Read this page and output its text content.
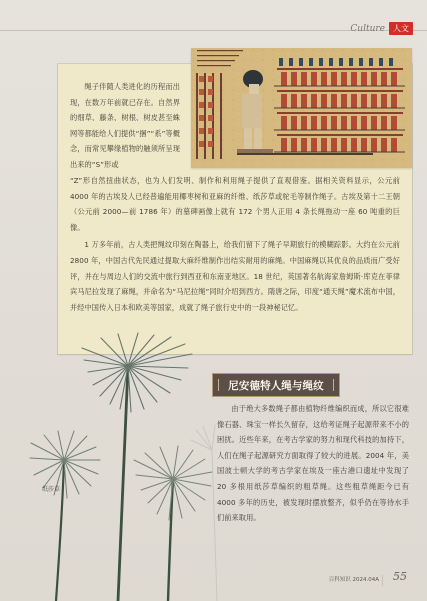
Culture	人文

绳子伴随人类进化的历程而出现，在数万年前就已存在。自然界的细草、藤条、树根、树皮甚至蛛网等都能给人们提供“捆”“系”等概念，而常见攀缘植物的触须所呈现出来的“S”形或

“Z”形自然扭曲状态，也为人们发明、制作和利用绳子提供了直观借鉴。据相关资料显示，公元前 4000 年的古埃及人已经普遍能用椰枣树和亚麻的纤维、纸莎草或驼毛等制作绳子。古埃及第十二王朝（公元前 2000—前 1786 年）的墓碑画像上就有 172 个男人正用 4 条长绳拖动一座 60 吨重的巨像。

1 万多年前，古人类把绳纹印刻在陶器上，给我们留下了绳子早期旅行的模糊踪影。大约在公元前 2800 年，中国古代先民通过提取大麻纤维制作出结实耐用的麻绳。中国麻绳以其优良的品质而广受好评，并在与周边人们的交流中旅行到西亚和东南亚地区。18 世纪，英国著名航海家詹姆斯·库克在菲律宾马尼拉发现了麻绳，并命名为“马尼拉绳”同时介绍到西方。隋唐之际，印度“通天绳”魔术流布中国，并经中国传入日本和欧美等国家，成就了绳子旅行史中的一段神秘记忆。

纸莎草
尼安德特人绳与绳纹

由于绝大多数绳子都由植物纤维编织而成，所以它很难像石器、珠宝一样长久留存，这给考证绳子起源带来不小的困扰。近些年来，在考古学家的努力和现代科技的加持下，人们在绳子起源研究方面取得了较大的进展。2004 年，美国波士顿大学的考古学家在埃及一座古港口遗址中发现了 20 多根用纸莎草编织的粗草绳。这些粗草绳距今已有 4000 多年的历史，被发现时摆放整齐，似乎仍在等待水手们前来取用。

百科知识 2024.04A 55
